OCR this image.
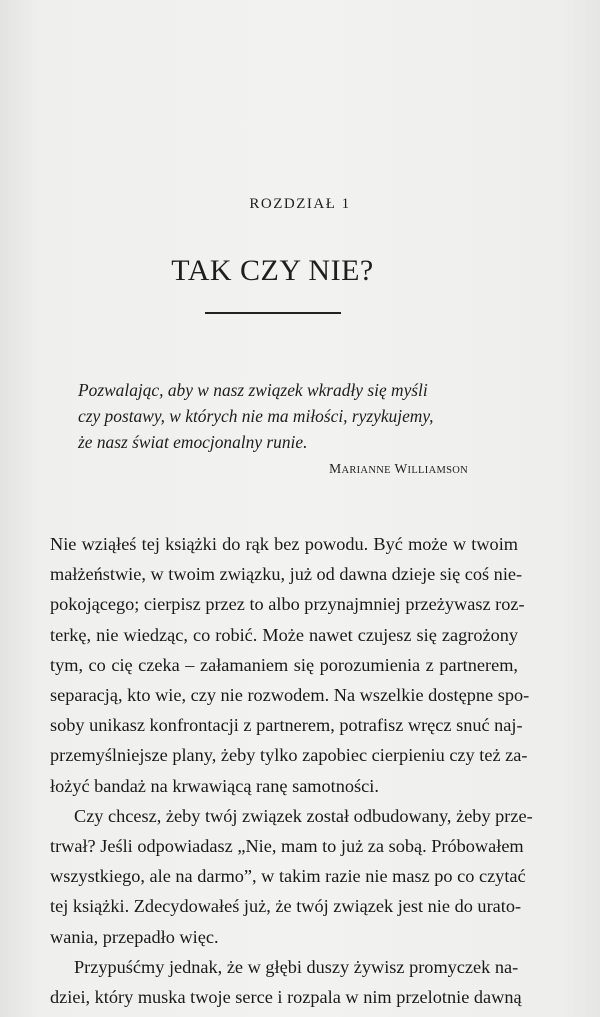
ROZDZIAŁ 1
TAK CZY NIE?
Pozwalając, aby w nasz związek wkradły się myśli
czy postawy, w których nie ma miłości, ryzykujemy,
że nasz świat emocjonalny runie.
MARIANNE WILLIAMSON
Nie wziąłeś tej książki do rąk bez powodu. Być może w twoim
małżeństwie, w twoim związku, już od dawna dzieje się coś nie-
pokojącego; cierpisz przez to albo przynajmniej przeżywasz roz-
terkę, nie wiedząc, co robić. Może nawet czujesz się zagrożony
tym, co cię czeka – załamaniem się porozumienia z partnerem,
separacją, kto wie, czy nie rozwodem. Na wszelkie dostępne spo-
soby unikasz konfrontacji z partnerem, potrafisz wręcz snuć naj-
przemyślniejsze plany, żeby tylko zapobiec cierpieniu czy też za-
łożyć bandaż na krwawiącą ranę samotności.
Czy chcesz, żeby twój związek został odbudowany, żeby prze-
trwał? Jeśli odpowiadasz „Nie, mam to już za sobą. Próbowałem
wszystkiego, ale na darmo”, w takim razie nie masz po co czytać
tej książki. Zdecydowałeś już, że twój związek jest nie do urato-
wania, przepadło więc.
Przypuśćmy jednak, że w głębi duszy żywisz promyczek na-
dziei, który muska twoje serce i rozpala w nim przelotnie dawną
